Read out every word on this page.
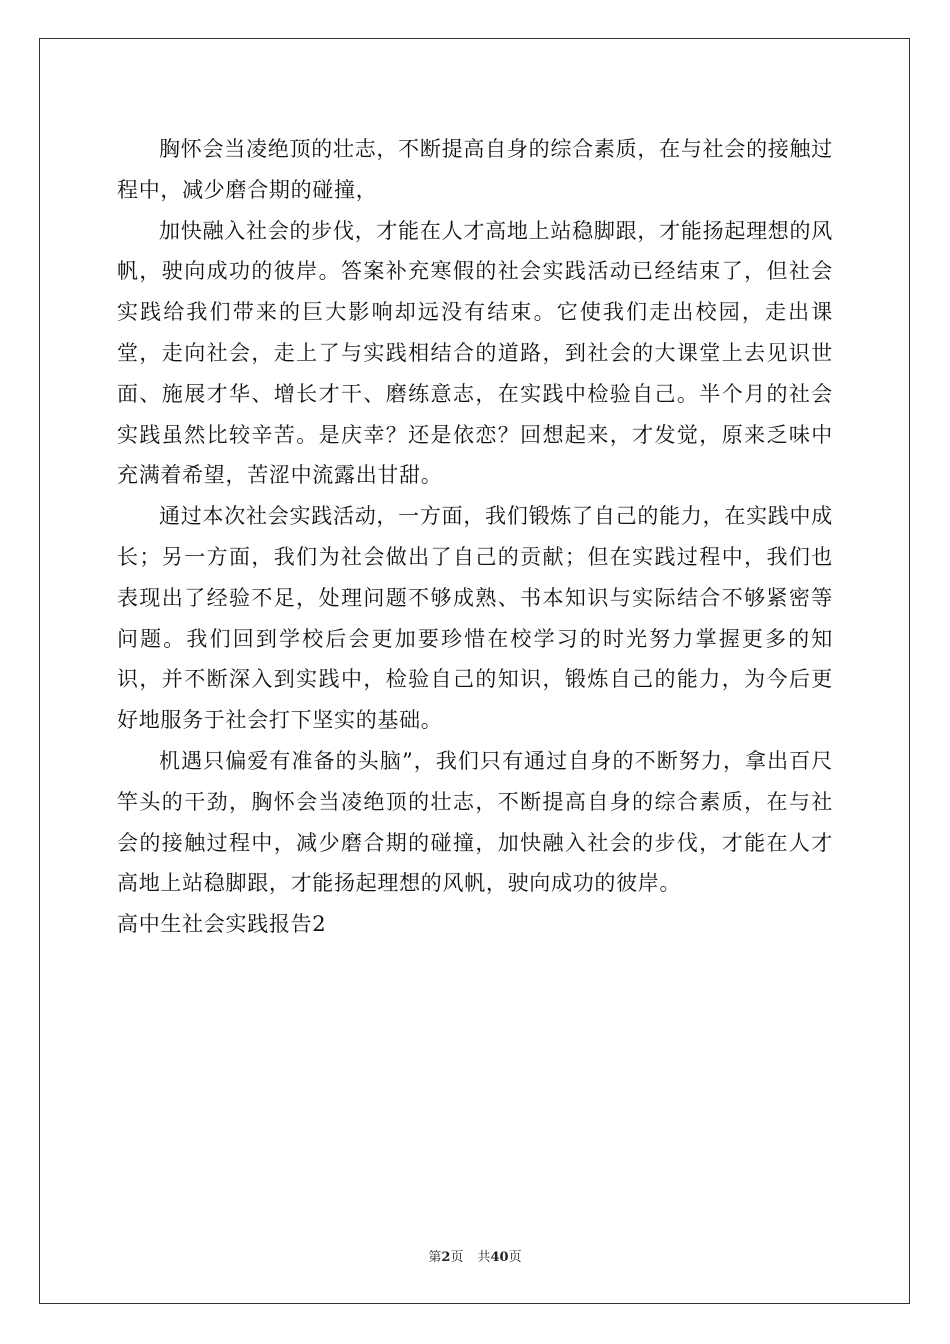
胸怀会当凌绝顶的壮志，不断提高自身的综合素质，在与社会的接触过程中，减少磨合期的碰撞，

加快融入社会的步伐，才能在人才高地上站稳脚跟，才能扬起理想的风帆，驶向成功的彼岸。答案补充寒假的社会实践活动已经结束了，但社会实践给我们带来的巨大影响却远没有结束。它使我们走出校园，走出课堂，走向社会，走上了与实践相结合的道路，到社会的大课堂上去见识世面、施展才华、增长才干、磨练意志，在实践中检验自己。半个月的社会实践虽然比较辛苦。是庆幸？还是依恋？回想起来，才发觉，原来乏味中充满着希望，苦涩中流露出甘甜。

通过本次社会实践活动，一方面，我们锻炼了自己的能力，在实践中成长；另一方面，我们为社会做出了自己的贡献；但在实践过程中，我们也表现出了经验不足，处理问题不够成熟、书本知识与实际结合不够紧密等问题。我们回到学校后会更加要珍惜在校学习的时光努力掌握更多的知识，并不断深入到实践中，检验自己的知识，锻炼自己的能力，为今后更好地服务于社会打下坚实的基础。

机遇只偏爱有准备的头脑”，我们只有通过自身的不断努力，拿出百尺竿头的干劲，胸怀会当凌绝顶的壮志，不断提高自身的综合素质，在与社会的接触过程中，减少磨合期的碰撞，加快融入社会的步伐，才能在人才高地上站稳脚跟，才能扬起理想的风帆，驶向成功的彼岸。

高中生社会实践报告2

第2页 共40页
